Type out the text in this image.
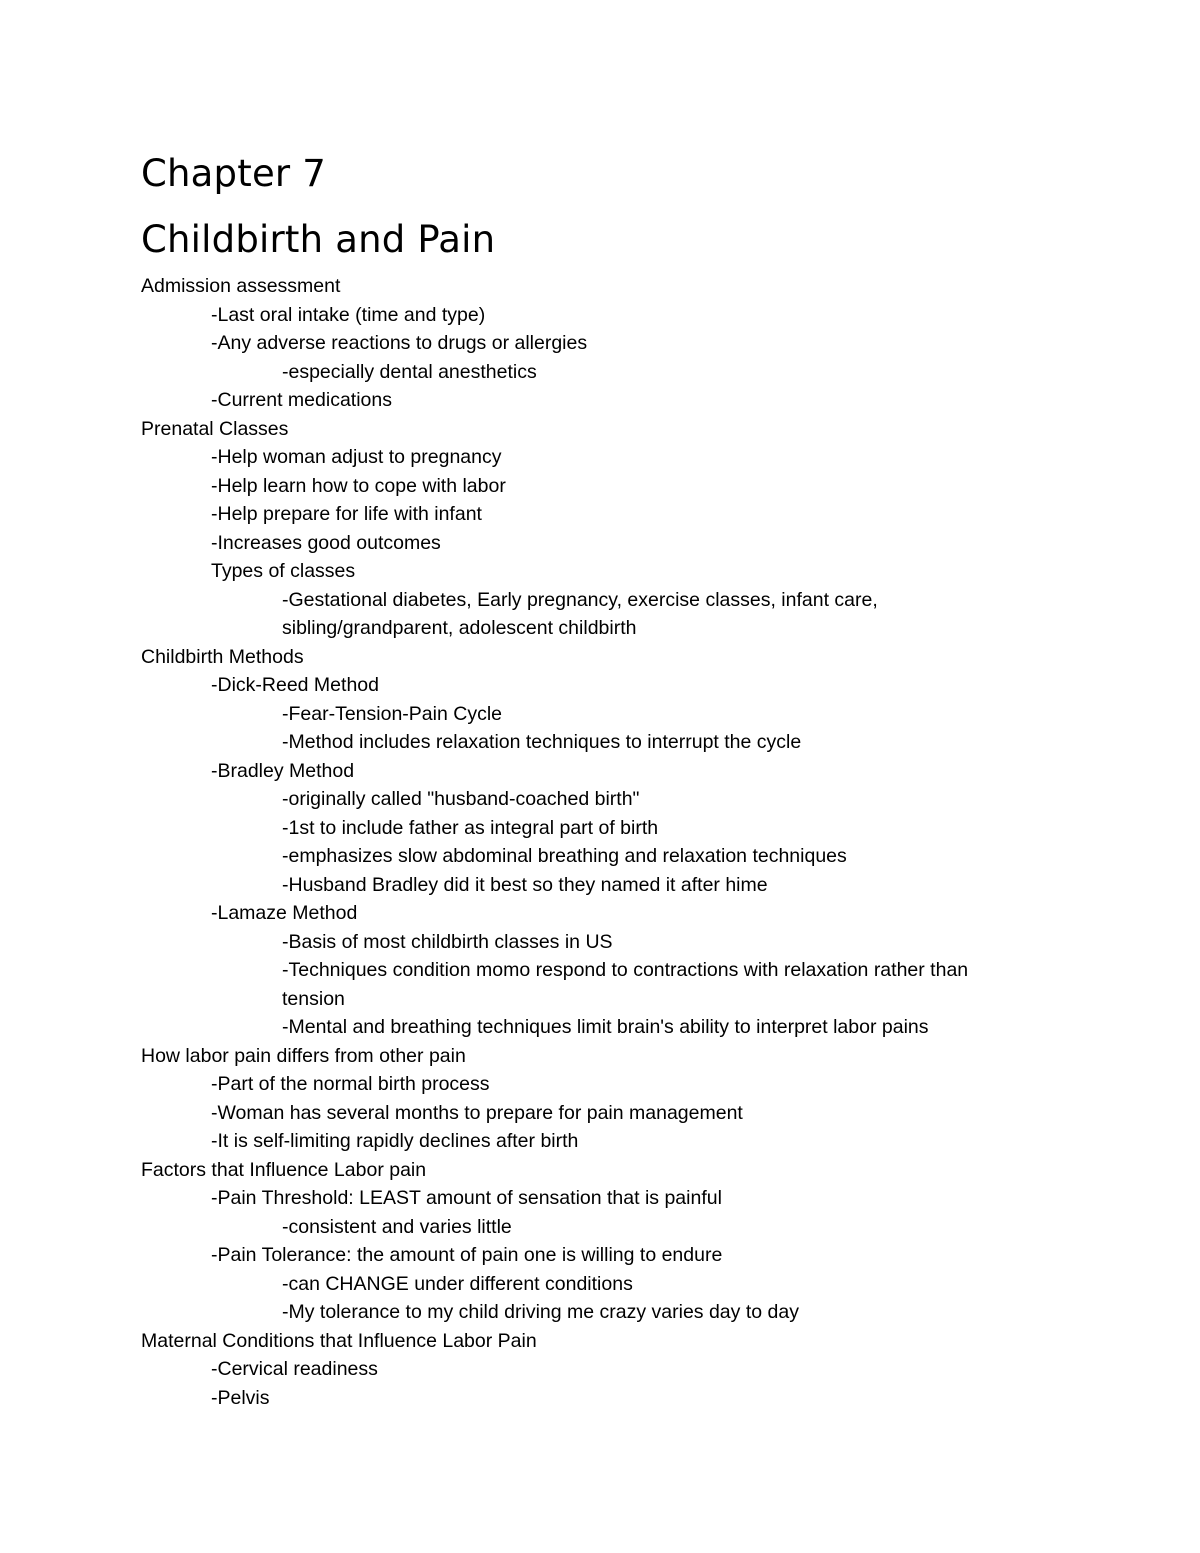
Chapter 7
Childbirth and Pain
Admission assessment
-Last oral intake (time and type)
-Any adverse reactions to drugs or allergies
-especially dental anesthetics
-Current medications
Prenatal Classes
-Help woman adjust to pregnancy
-Help learn how to cope with labor
-Help prepare for life with infant
-Increases good outcomes
Types of classes
-Gestational diabetes, Early pregnancy, exercise classes, infant care,
sibling/grandparent, adolescent childbirth
Childbirth Methods
-Dick-Reed Method
-Fear-Tension-Pain Cycle
-Method includes relaxation techniques to interrupt the cycle
-Bradley Method
-originally called "husband-coached birth"
-1st to include father as integral part of birth
-emphasizes slow abdominal breathing and relaxation techniques
-Husband Bradley did it best so they named it after hime
-Lamaze Method
-Basis of most childbirth classes in US
-Techniques condition momo respond to contractions with relaxation rather than
tension
-Mental and breathing techniques limit brain's ability to interpret labor pains
How labor pain differs from other pain
-Part of the normal birth process
-Woman has several months to prepare for pain management
-It is self-limiting rapidly declines after birth
Factors that Influence Labor pain
-Pain Threshold: LEAST amount of sensation that is painful
-consistent and varies little
-Pain Tolerance: the amount of pain one is willing to endure
-can CHANGE under different conditions
-My tolerance to my child driving me crazy varies day to day
Maternal Conditions that Influence Labor Pain
-Cervical readiness
-Pelvis
